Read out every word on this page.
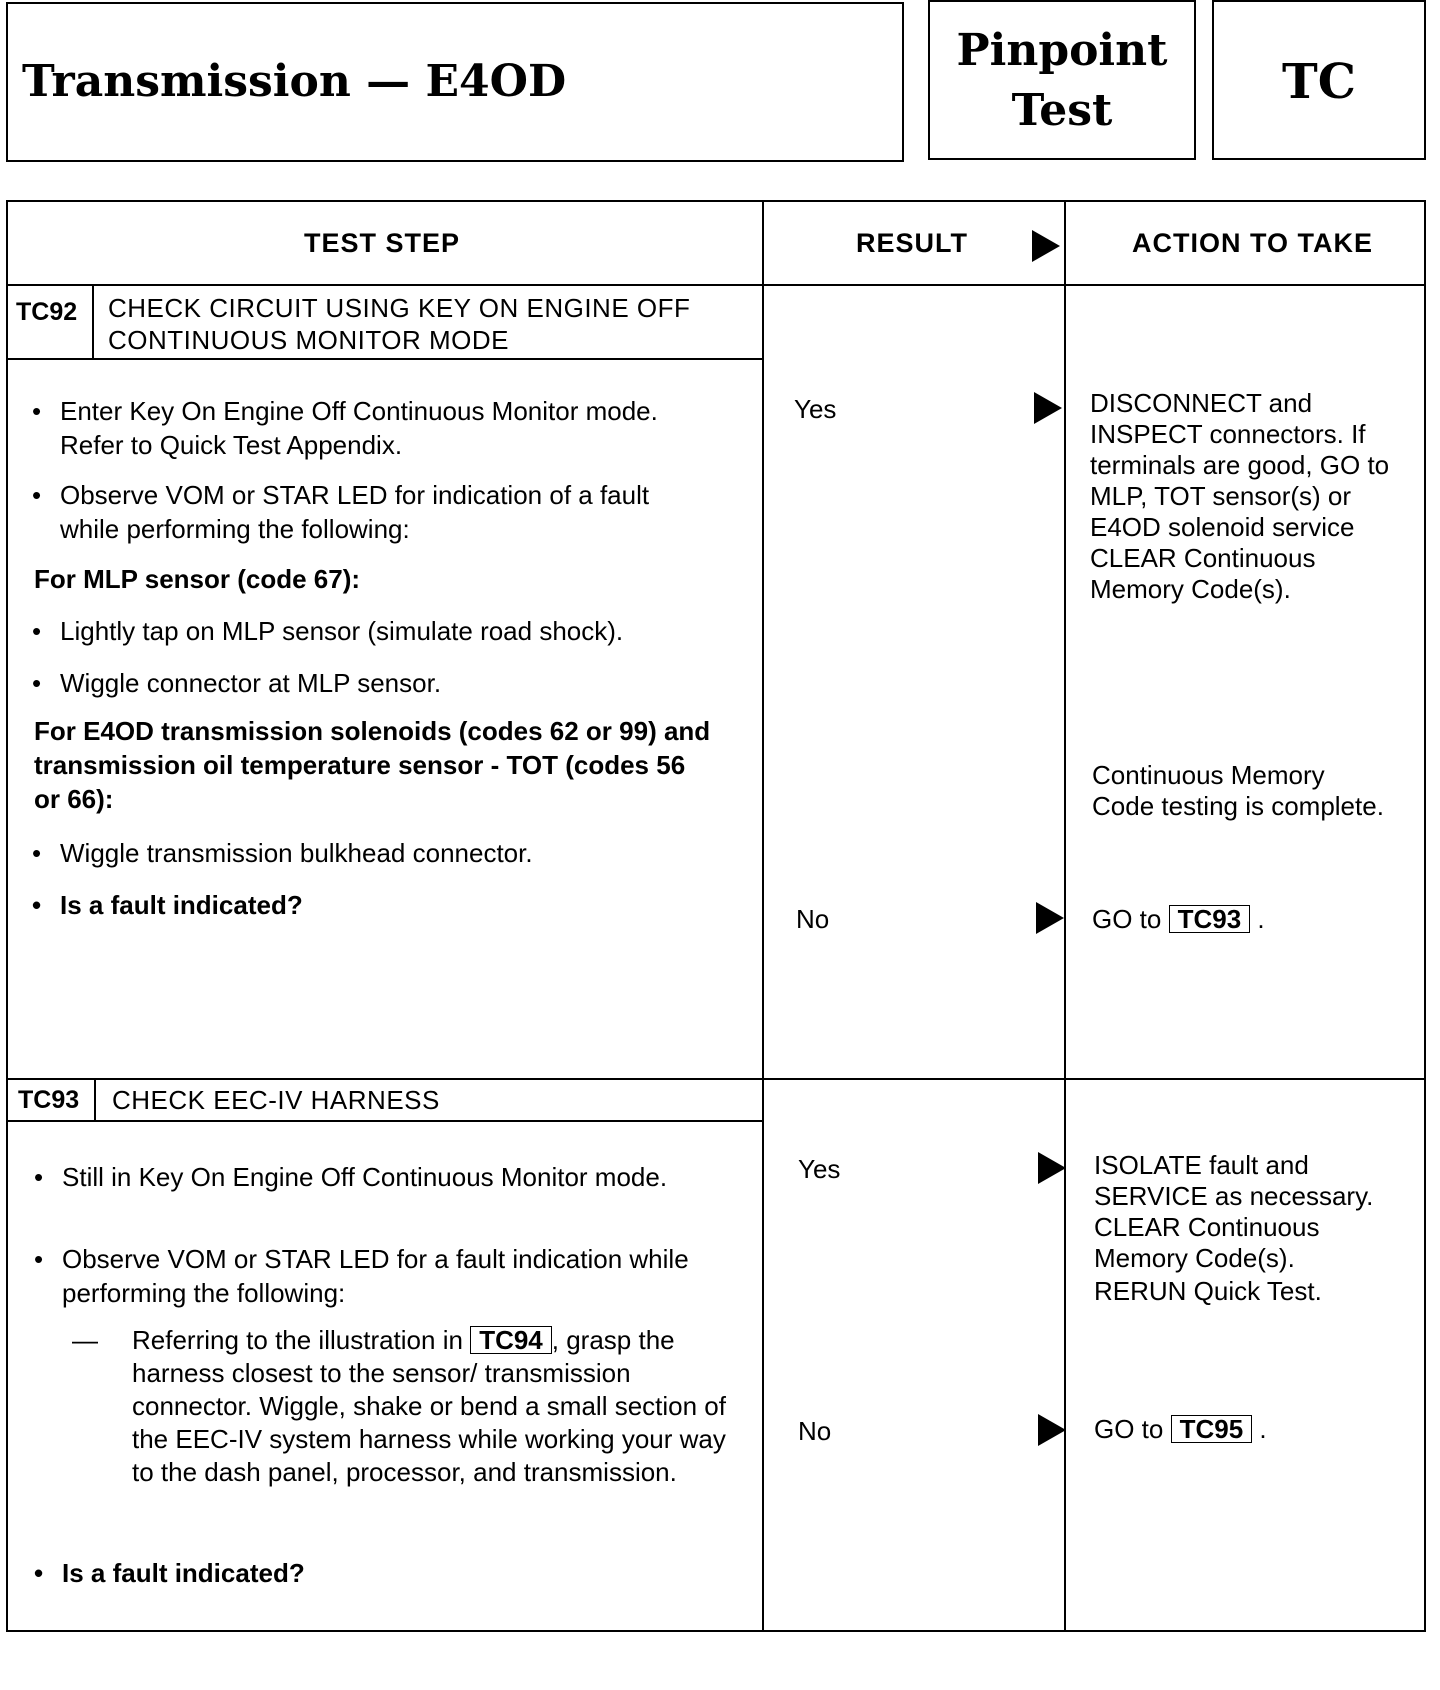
Transmission — E4OD
Pinpoint
Test
TC
TEST STEP	RESULT	ACTION TO TAKE
TC92 CHECK CIRCUIT USING KEY ON ENGINE OFF
CONTINUOUS MONITOR MODE
• Enter Key On Engine Off Continuous Monitor mode. Refer to Quick Test Appendix.
• Observe VOM or STAR LED for indication of a fault while performing the following:
For MLP sensor (code 67):
• Lightly tap on MLP sensor (simulate road shock).
• Wiggle connector at MLP sensor.
For E4OD transmission solenoids (codes 62 or 99) and transmission oil temperature sensor - TOT (codes 56 or 66):
• Wiggle transmission bulkhead connector.
• Is a fault indicated?
Yes
No
DISCONNECT and INSPECT connectors. If terminals are good, GO to MLP, TOT sensor(s) or E4OD solenoid service CLEAR Continuous Memory Code(s).
Continuous Memory Code testing is complete.
GO to TC93 .
TC93 CHECK EEC-IV HARNESS
• Still in Key On Engine Off Continuous Monitor mode.
• Observe VOM or STAR LED for a fault indication while performing the following:
— Referring to the illustration in TC94 , grasp the harness closest to the sensor/ transmission connector. Wiggle, shake or bend a small section of the EEC-IV system harness while working your way to the dash panel, processor, and transmission.
• Is a fault indicated?
Yes
No
ISOLATE fault and SERVICE as necessary. CLEAR Continuous Memory Code(s).
RERUN Quick Test.
GO to TC95 .
